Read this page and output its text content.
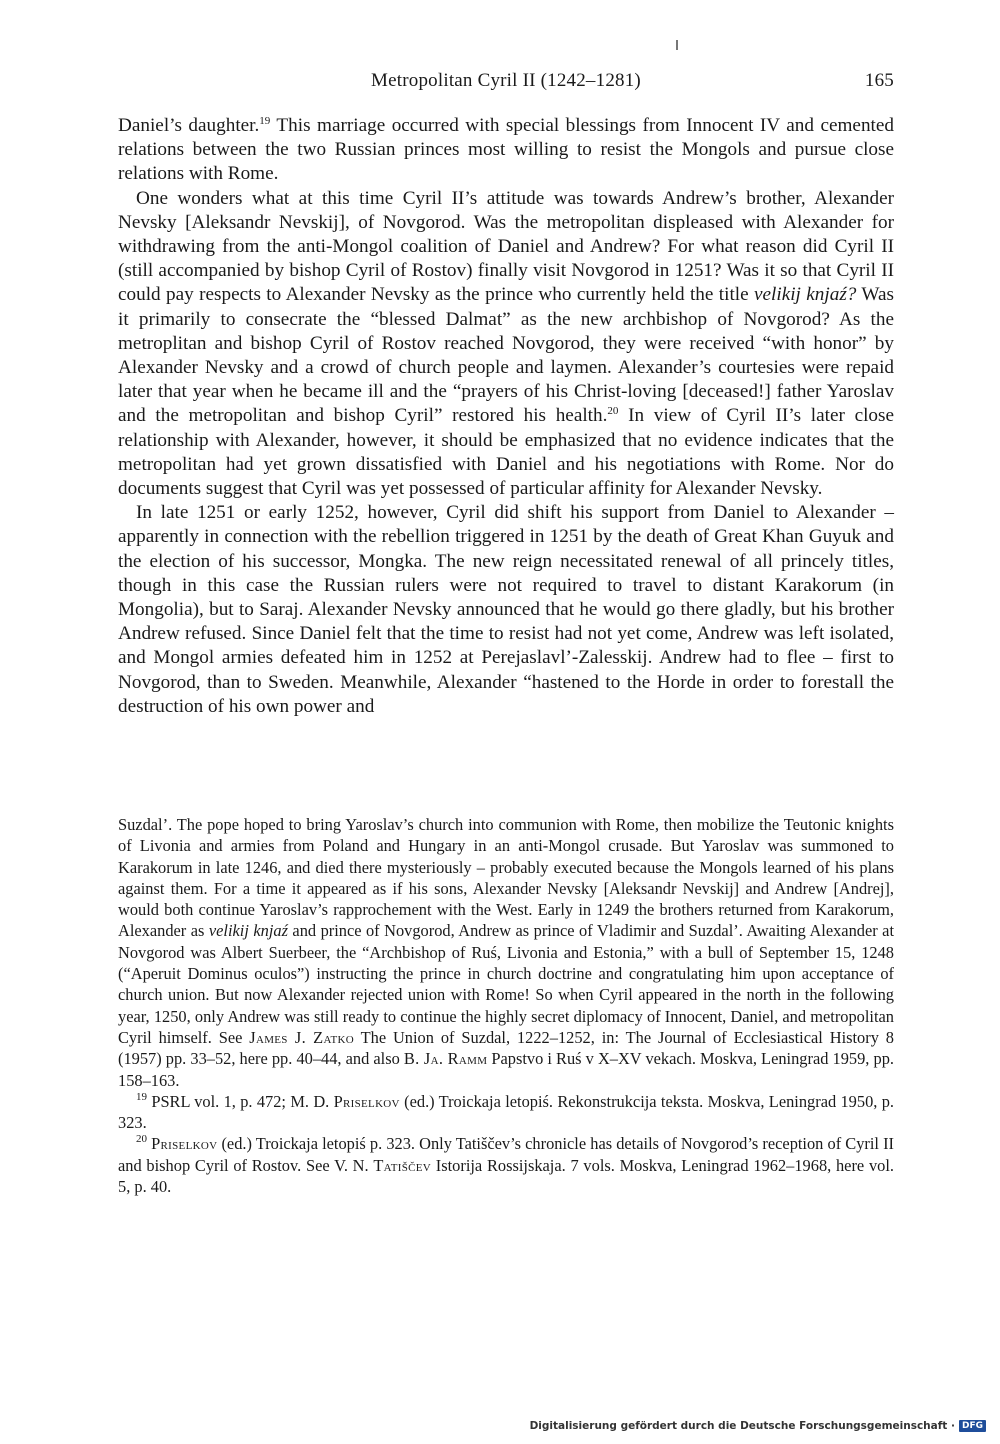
Metropolitan Cyril II (1242–1281)	165

Daniel’s daughter.$^{19}$ This marriage occurred with special blessings from Innocent IV and cemented relations between the two Russian princes most willing to resist the Mongols and pursue close relations with Rome.

One wonders what at this time Cyril II’s attitude was towards Andrew’s brother, Alexander Nevsky [Aleksandr Nevskij], of Novgorod. Was the metropolitan displeased with Alexander for withdrawing from the anti-Mongol coalition of Daniel and Andrew? For what reason did Cyril II (still accompanied by bishop Cyril of Rostov) finally visit Novgorod in 1251? Was it so that Cyril II could pay respects to Alexander Nevsky as the prince who currently held the title velikij knjaź? Was it primarily to consecrate the “blessed Dalmat” as the new archbishop of Novgorod? As the metroplitan and bishop Cyril of Rostov reached Novgorod, they were received “with honor” by Alexander Nevsky and a crowd of church people and laymen. Alexander’s courtesies were repaid later that year when he became ill and the “prayers of his Christ-loving [deceased!] father Yaroslav and the metropolitan and bishop Cyril” restored his health.$^{20}$ In view of Cyril II’s later close relationship with Alexander, however, it should be emphasized that no evidence indicates that the metropolitan had yet grown dissatisfied with Daniel and his negotiations with Rome. Nor do documents suggest that Cyril was yet possessed of particular affinity for Alexander Nevsky.

In late 1251 or early 1252, however, Cyril did shift his support from Daniel to Alexander – apparently in connection with the rebellion triggered in 1251 by the death of Great Khan Guyuk and the election of his successor, Mongka. The new reign necessitated renewal of all princely titles, though in this case the Russian rulers were not required to travel to distant Karakorum (in Mongolia), but to Saraj. Alexander Nevsky announced that he would go there gladly, but his brother Andrew refused. Since Daniel felt that the time to resist had not yet come, Andrew was left isolated, and Mongol armies defeated him in 1252 at Perejaslavl’-Zalesskij. Andrew had to flee – first to Novgorod, than to Sweden. Meanwhile, Alexander “hastened to the Horde in order to forestall the destruction of his own power and

Suzdal’. The pope hoped to bring Yaroslav’s church into communion with Rome, then mobilize the Teutonic knights of Livonia and armies from Poland and Hungary in an anti-Mongol crusade. But Yaroslav was summoned to Karakorum in late 1246, and died there mysteriously – probably executed because the Mongols learned of his plans against them. For a time it appeared as if his sons, Alexander Nevsky [Aleksandr Nevskij] and Andrew [Andrej], would both continue Yaroslav’s rapprochement with the West. Early in 1249 the brothers returned from Karakorum, Alexander as velikij knjaź and prince of Novgorod, Andrew as prince of Vladimir and Suzdal’. Awaiting Alexander at Novgorod was Albert Suerbeer, the “Archbishop of Ruś, Livonia and Estonia,” with a bull of September 15, 1248 (“Aperuit Dominus oculos”) instructing the prince in church doctrine and congratulating him upon acceptance of church union. But now Alexander rejected union with Rome! So when Cyril appeared in the north in the following year, 1250, only Andrew was still ready to continue the highly secret diplomacy of Innocent, Daniel, and metropolitan Cyril himself. See James J. Zatko The Union of Suzdal, 1222–1252, in: The Journal of Ecclesiastical History 8 (1957) pp. 33–52, here pp. 40–44, and also B. Ja. Ramm Papstvo i Ruś v X–XV vekach. Moskva, Leningrad 1959, pp. 158–163.

$^{19}$ PSRL vol. 1, p. 472; M. D. Priselkov (ed.) Troickaja letopiś. Rekonstrukcija teksta. Moskva, Leningrad 1950, p. 323.

$^{20}$ Priselkov (ed.) Troickaja letopiś p. 323. Only Tatiščev’s chronicle has details of Novgorod’s reception of Cyril II and bishop Cyril of Rostov. See V. N. Tatiščev Istorija Rossijskaja. 7 vols. Moskva, Leningrad 1962–1968, here vol. 5, p. 40.

Digitalisierung gefördert durch die Deutsche Forschungsgemeinschaft · DFG
